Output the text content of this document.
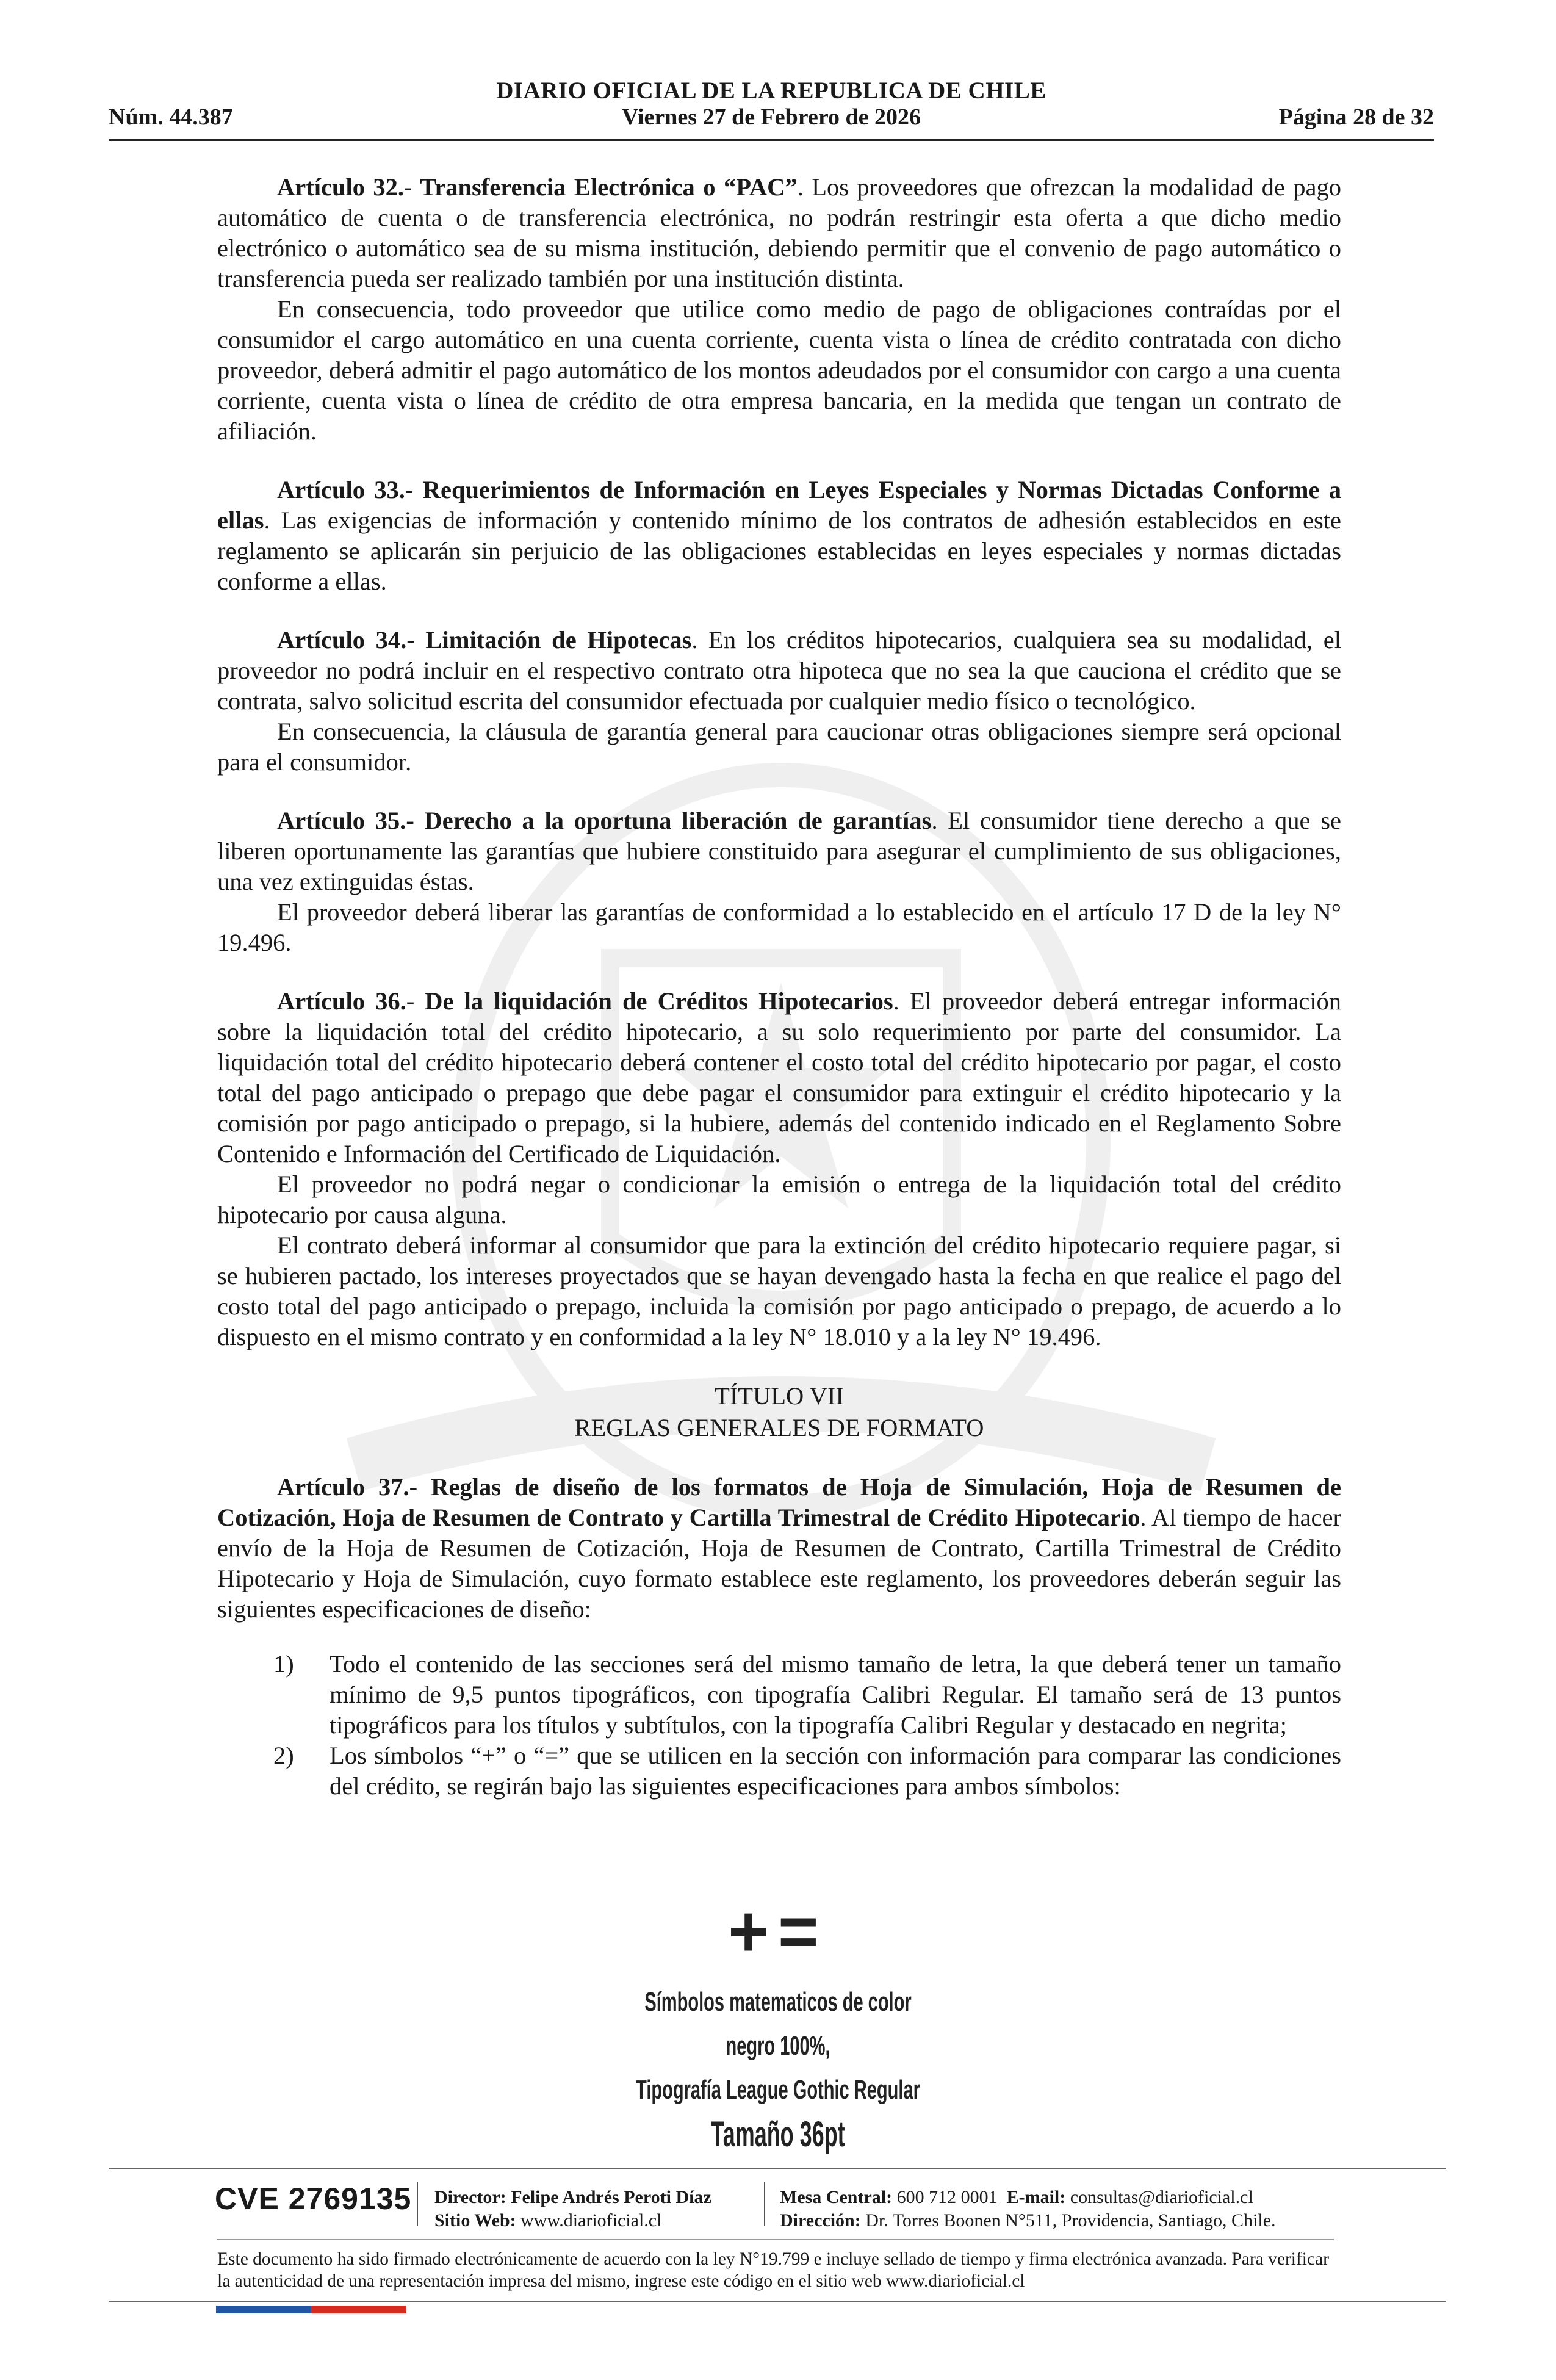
DIARIO OFICIAL DE LA REPUBLICA DE CHILE
Núm. 44.387	Viernes 27 de Febrero de 2026	Página 28 de 32

Artículo 32.- Transferencia Electrónica o “PAC”. Los proveedores que ofrezcan la modalidad de pago automático de cuenta o de transferencia electrónica, no podrán restringir esta oferta a que dicho medio electrónico o automático sea de su misma institución, debiendo permitir que el convenio de pago automático o transferencia pueda ser realizado también por una institución distinta.

En consecuencia, todo proveedor que utilice como medio de pago de obligaciones contraídas por el consumidor el cargo automático en una cuenta corriente, cuenta vista o línea de crédito contratada con dicho proveedor, deberá admitir el pago automático de los montos adeudados por el consumidor con cargo a una cuenta corriente, cuenta vista o línea de crédito de otra empresa bancaria, en la medida que tengan un contrato de afiliación.

Artículo 33.- Requerimientos de Información en Leyes Especiales y Normas Dictadas Conforme a ellas. Las exigencias de información y contenido mínimo de los contratos de adhesión establecidos en este reglamento se aplicarán sin perjuicio de las obligaciones establecidas en leyes especiales y normas dictadas conforme a ellas.

Artículo 34.- Limitación de Hipotecas. En los créditos hipotecarios, cualquiera sea su modalidad, el proveedor no podrá incluir en el respectivo contrato otra hipoteca que no sea la que cauciona el crédito que se contrata, salvo solicitud escrita del consumidor efectuada por cualquier medio físico o tecnológico.

En consecuencia, la cláusula de garantía general para caucionar otras obligaciones siempre será opcional para el consumidor.

Artículo 35.- Derecho a la oportuna liberación de garantías. El consumidor tiene derecho a que se liberen oportunamente las garantías que hubiere constituido para asegurar el cumplimiento de sus obligaciones, una vez extinguidas éstas.

El proveedor deberá liberar las garantías de conformidad a lo establecido en el artículo 17 D de la ley N° 19.496.

Artículo 36.- De la liquidación de Créditos Hipotecarios. El proveedor deberá entregar información sobre la liquidación total del crédito hipotecario, a su solo requerimiento por parte del consumidor. La liquidación total del crédito hipotecario deberá contener el costo total del crédito hipotecario por pagar, el costo total del pago anticipado o prepago que debe pagar el consumidor para extinguir el crédito hipotecario y la comisión por pago anticipado o prepago, si la hubiere, además del contenido indicado en el Reglamento Sobre Contenido e Información del Certificado de Liquidación.

El proveedor no podrá negar o condicionar la emisión o entrega de la liquidación total del crédito hipotecario por causa alguna.

El contrato deberá informar al consumidor que para la extinción del crédito hipotecario requiere pagar, si se hubieren pactado, los intereses proyectados que se hayan devengado hasta la fecha en que realice el pago del costo total del pago anticipado o prepago, incluida la comisión por pago anticipado o prepago, de acuerdo a lo dispuesto en el mismo contrato y en conformidad a la ley N° 18.010 y a la ley N° 19.496.

TÍTULO VII
REGLAS GENERALES DE FORMATO

Artículo 37.- Reglas de diseño de los formatos de Hoja de Simulación, Hoja de Resumen de Cotización, Hoja de Resumen de Contrato y Cartilla Trimestral de Crédito Hipotecario. Al tiempo de hacer envío de la Hoja de Resumen de Cotización, Hoja de Resumen de Contrato, Cartilla Trimestral de Crédito Hipotecario y Hoja de Simulación, cuyo formato establece este reglamento, los proveedores deberán seguir las siguientes especificaciones de diseño:

1) Todo el contenido de las secciones será del mismo tamaño de letra, la que deberá tener un tamaño mínimo de 9,5 puntos tipográficos, con tipografía Calibri Regular. El tamaño será de 13 puntos tipográficos para los títulos y subtítulos, con la tipografía Calibri Regular y destacado en negrita;
2) Los símbolos “+” o “=” que se utilicen en la sección con información para comparar las condiciones del crédito, se regirán bajo las siguientes especificaciones para ambos símbolos:
+=
Símbolos matematicos de color negro 100%,
Tipografía League Gothic Regular
Tamaño 36pt
CVE 2769135 Director: Felipe Andrés Peroti Díaz
Sitio Web: www.diarioficial.cl
Mesa Central: 600 712 0001 E-mail: consultas@diarioficial.cl
Dirección: Dr. Torres Boonen N°511, Providencia, Santiago, Chile.
Este documento ha sido firmado electrónicamente de acuerdo con la ley N°19.799 e incluye sellado de tiempo y firma electrónica avanzada. Para verificar la autenticidad de una representación impresa del mismo, ingrese este código en el sitio web www.diarioficial.cl
